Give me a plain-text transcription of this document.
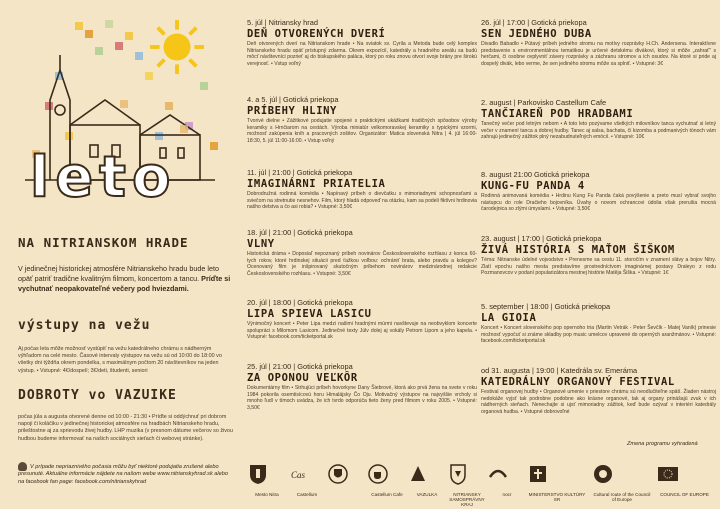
leto
NA NITRIANSKOM HRADE
V jedinečnej historickej atmosfére Nitrianskeho hradu bude leto opäť patriť tradične kvalitným filmom, koncertom a tancu. Príďte si vychutnať neopakovateľné večery pod hviezdami.
výstupy na vežu
Aj počas leta môže možnosť vystúpiť na vežu katedrálneho chrámu s nádherným výhľadom na celé mesto. Časové intervaly výstupov na vežu sú od 10:00 do 18:00 vo všetky dni týždňa okrem pondelka, s maximálnym počtom 20 návštevníkov na jeden výstup. • Vstupné: 4€/dospelí; 3€/deti, študenti, seniori
DOBROTY vo VAZUIKE
počas júla a augusta otvorené denne od 10:00 - 21:30 • Príďte si oddýchnuť pri dobrom napoji či koláčiku v jedinečnej historickej atmosfére na hradbách Nitrianskeho hradu, prileštostne aj za sprievodu živej hudby. LHP muzika (v presnom dátume večerov so živou hudbou budeme informovať na našich sociálnych sieťach či webovej stránke).
V prípade nepriaznivého počasia môžu byť niektoré podujatia zrušené alebo presunuté. Aktuálne informácie nájdete na našom webe www.nitrianskyhrad.sk alebo na facebook fan page: facebook.com/nitrianskyhrad
5. júl | Nitriansky hrad
DEŇ OTVORENÝCH DVERÍ
Deň otvorených dverí na Nitrianskom hrade • Na sviatok sv. Cyrila a Metoda bude celý komplex Nitrianskeho hradu opäť prístupný zdarma. Okrem expozícií, katedrály a hradného areálu sa budú môcť návštevníci pozrieť aj do biskupského paláca, ktorý po roku znovu otvorí svoje brány pre širokú verejnosť. • Vstup voľný
4. a 5. júl | Gotická priekopa
PRÍBEHY HLINY
Tvorivé dielne • Zážitkové podujatie spojené s praktickými ukážkami tradičných spôsobov výroby keramiky s Hrnčiarom na cestách. Výroba miniatúr velkomoravskej keramiky s typickými vzormi, možnosť zakúpenia kníh a pracovných zošitov. Organizátor: Matica slovenská Nitra | 4. júl 16:00-18:30, 5. júl 11:00-16:00. • Vstup voľný
11. júl | 21:00 | Gotická priekopa
IMAGINÁRNI PRIATELIA
Dobrodružná rodinná komédia • Napínavý príbeh o dievčatku s mimoriadnymi schopnosťami a sviečom na stretnutie nesnehov. Film, ktorý hladá odpoveď na otázku, kam sa podeli fiktívni hrdinovia našho detstva a čo asi robia? • Vstupné: 3,50€
18. júl | 21:00 | Gotická priekopa
VLNY
Historická dráma • Doposiaľ nepoznaný príbeh novinárov Československého rozhlasu z konca 60-tych rokov, ktoré hrdinskej situácii pred ťažkou voľbou: ochrániť brata, alebo pravdu a kolegov? Ocenovaný film je inšpirovaný skutočným príbehom novinárov medzinárodnej redakcie Československého rozhlasu. • Vstupné: 3,50€
20. júl | 18:00 | Gotická priekopa
LIPA SPIEVA LASICU
Výnimočný koncert • Peter Lipa medzi našimi hradnými múrmi navštevuje na neobvyklom koncerte spolupráci s Milomom Lasicom. Jedinečné texty Júlv dolej aj vokály Petrom Lipom a jeho kapela. • Vstupné: facebook.com/ticketportal.sk
25. júl | 21:00 | Gotická priekopa
ZA OPONOU VEĽKÔR
Dokumentárny film • Strhujúci príbeh hovorkyne Dany Šiebrové, ktorá ako prvá žena na svete v roku 1984 pokorila osemtisícovú horu Himalájsky Čo Oju. Motivačný výstupov na najvyššie vrcholy si mnoho ľudí v tímoch uvádza, že ich tvrdo odporúča tieto ženy pred filmom v roku 2005. • Vstupné: 3,50€
26. júl | 17:00 | Gotická priekopa
SEN JEDNÉHO DUBA
Divadlo Babadlo • Pútavý príbeh jedného stromu na motívy rozprávky H.Ch. Andersena. Interaktívne predstavenie s environmentálnou tematikou je určené detskému divákovi, ktorý si môže „zahrať" s herčami, či osobne ovplyvniť závery rozprávky a záchranu stromov a ich osudov. Na ktoré si pride aj dospelý divák, lebo verme, že sen jediného stromu môže sa splniť. • Vstupné: 3€
2. august | Parkovisko Castellum Cafe
TANČIAREŇ POD HRADBAMI
Tanečný večer pod letným nebom • A toto leto pozývame všetkých milovníkov tanca vychutnať si letný večer v znamení tanca a dobrej hudby. Tanec aj salsa, bachata, či kizomba a podmanivých tónoch vám zahrajú jedinečný zážitok plný nezabudnuteľných emócií. • Vstupné: 10€
8. august 21:00 Gotická priekopa
KUNG-FU PANDA 4
Rodinná animovaná komédia • Hrdinu Kung Fu Panda čaká povýšenie a preto musí vybrať svojho nástupcu do role Dračieho bojovníka. Úvahy o novom ochrancovi údolia však prerušia mocná čarodejnica so zlými úmyslami. • Vstupné: 3,50€
23. august | 17:00 | Gotická priekopa
ŽIVÁ HISTÓRIA S MAŤOM ŠIŠKOM
Téma: Nitrianske údelné vojvodstvo • Prenesme sa cestu 11. storočím v znamení slávy a bojov Nitry. Zlatí epochu našho mesta predstavíme prostredníctvom imaginárnej postavy Draleyo z rodu Pozmanovcov v podaní popularizátora mestnej histórie Matěja Šiška. • Vstupné: 1€
5. september | 18:00 | Gotická priekopa
LA GIOIA
Koncert • Koncert slovenského pop opernoho tria (Martin Vetrák - Peter Ševčík - Matej Vaník) prinesie možnosť vypočuť si známe skladby pop music umelcov upravené do operných aranžmánov. • Vstupné: facebook.com/ticketportal.sk
od 31. augusta | 19:00 | Katedrála sv. Emeráma
KATEDRÁLNY ORGANOVÝ FESTIVAL
Festival organovej hudby • Organové umenie v priestore chrámu sú neodlučiteľne spätí. Žiaden nástroj nedokáže vyjsť tak podrobne podobne ako krásne organové, tak aj organy prinášajú zvuk v ich nádherných sieňach. Nenechajte si ujsť mimoriadny zážitok, keď bude ozývať v interiéri katedrály organová hudba. • Vstupné dobrovoľné
Zmena programu vyhradená
Mesto Nitra
Cas
Castellum	Castellum Cafe	VAZULKA	NITRIANSKY SAMOSPRÁVNY KRAJ
nocr	MINISTERSTVO KULTÚRY SR
Cultural route of the Council of Europe
COUNCIL OF EUROPE
